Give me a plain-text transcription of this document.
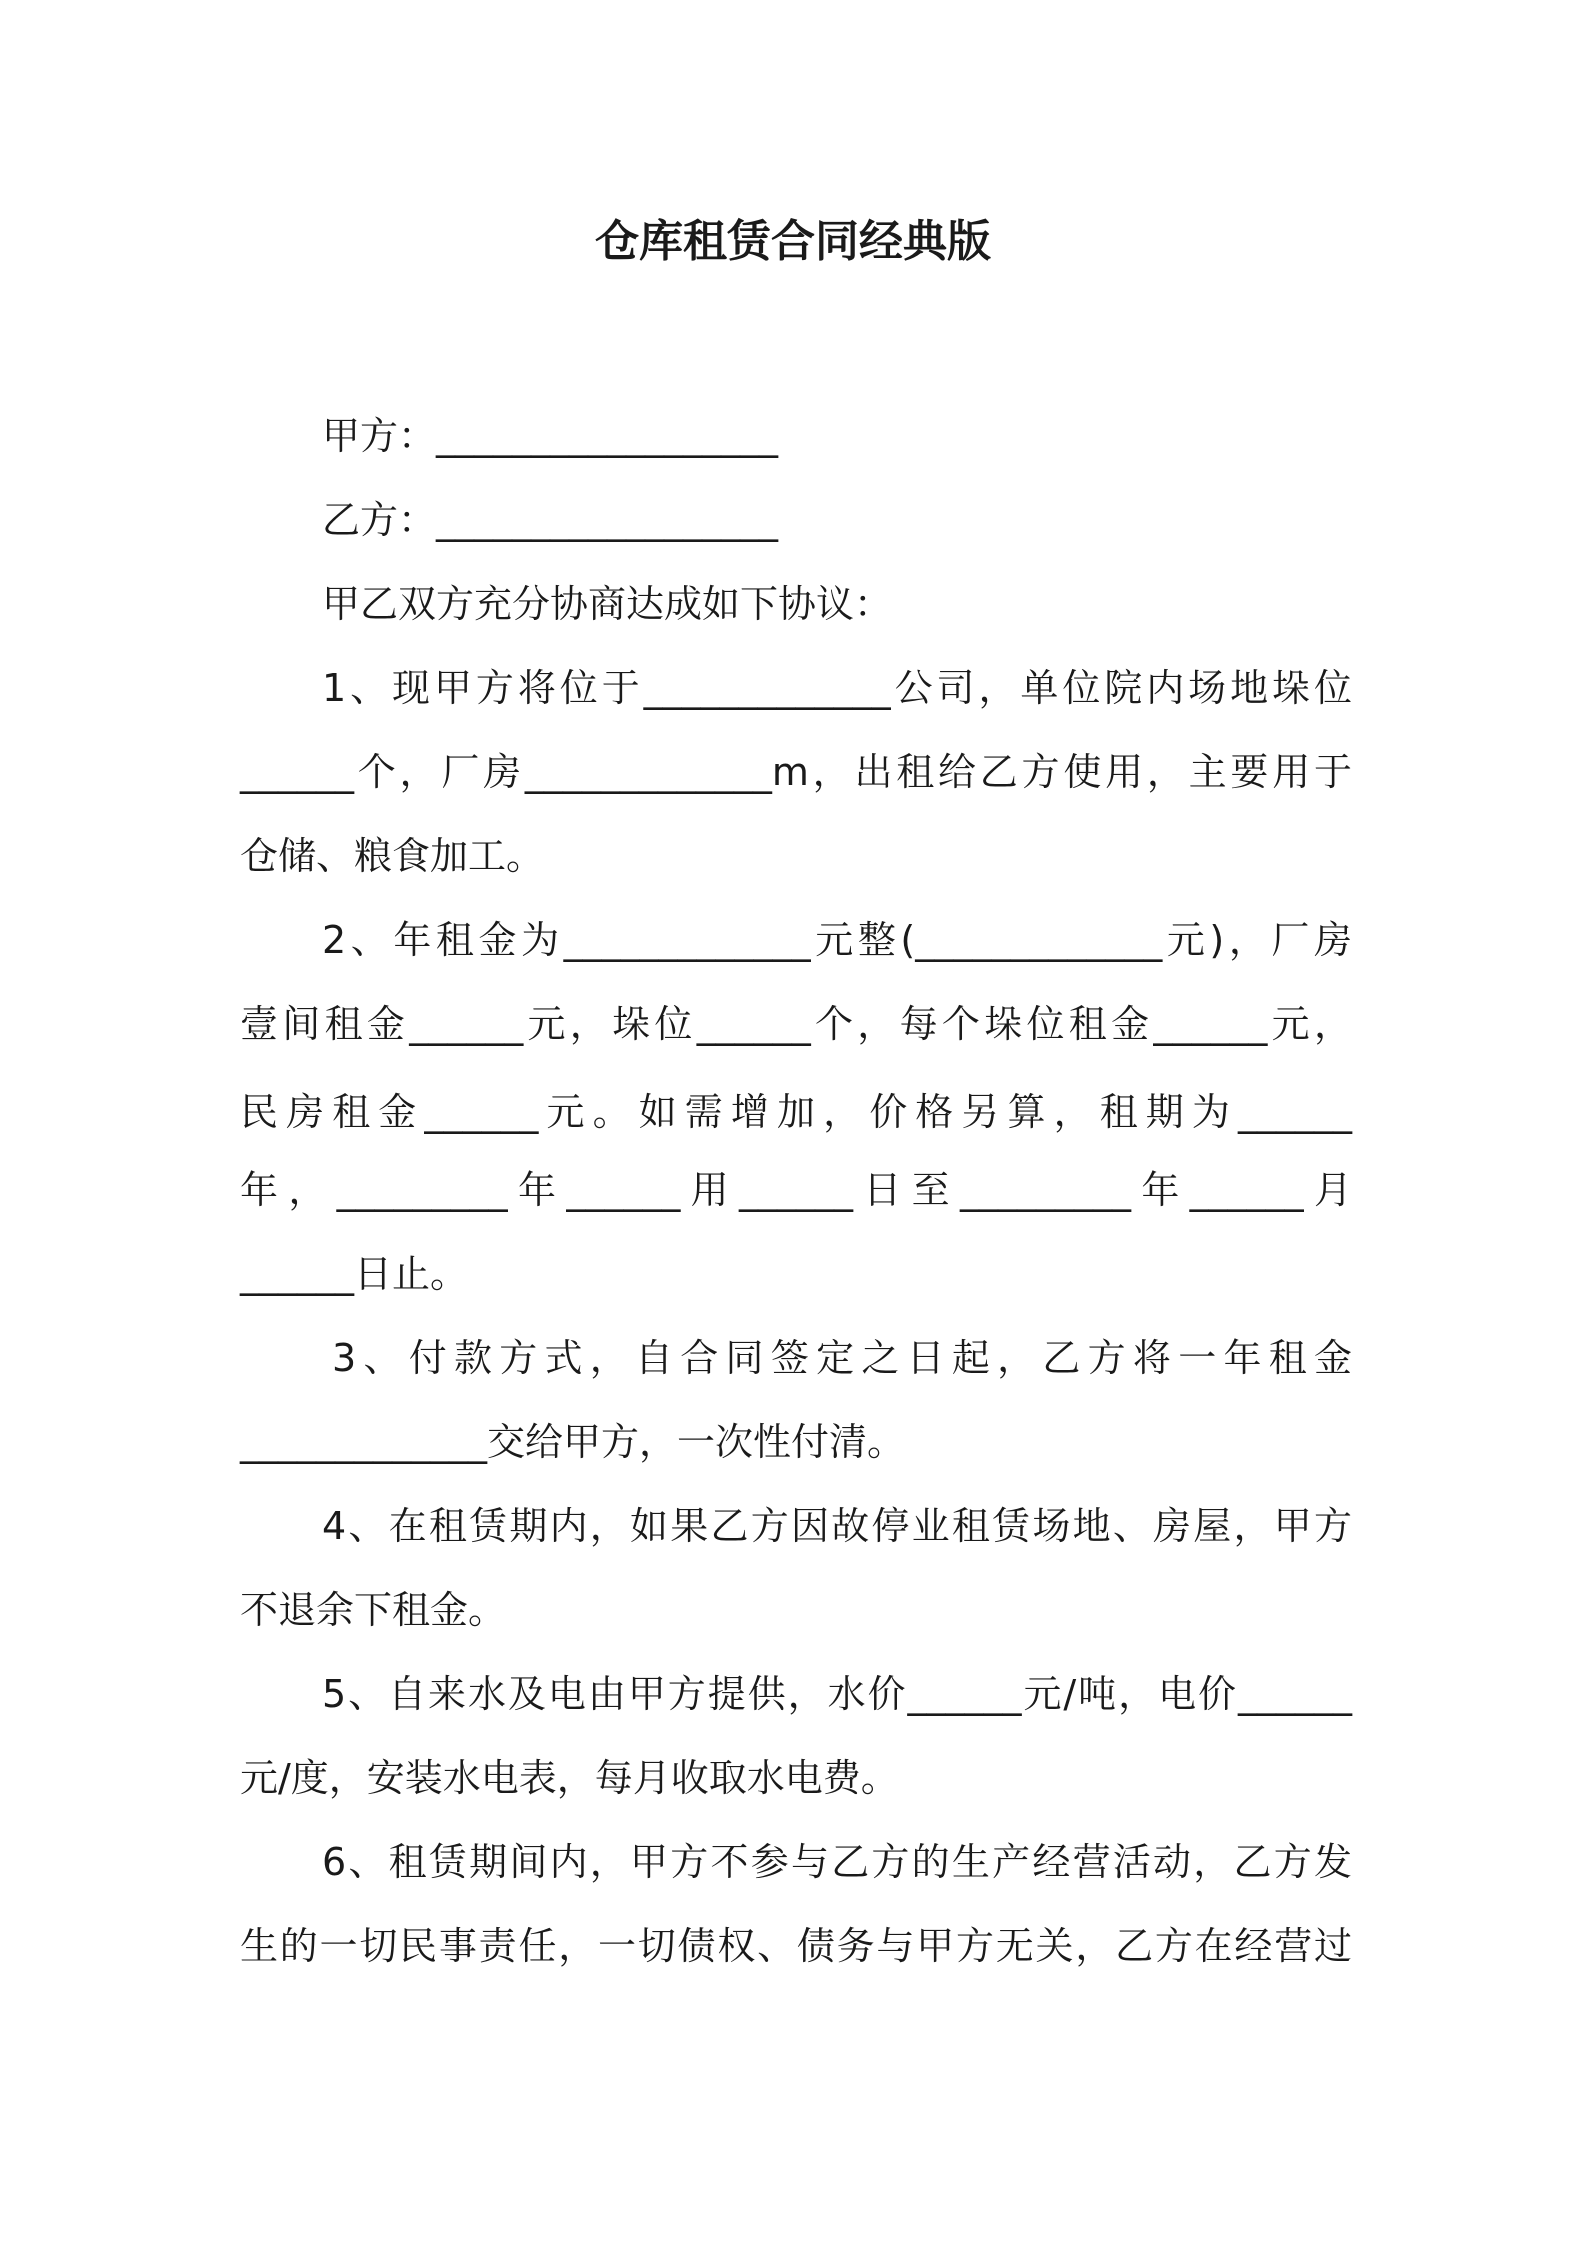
仓库租赁合同经典版
甲方：__________________
乙方：__________________
甲乙双方充分协商达成如下协议：
1、现甲方将位于_____________公司，单位院内场地垛位
______个，厂房_____________m，出租给乙方使用，主要用于
仓储、粮食加工。
2、年租金为_____________元整(_____________元)，厂房
壹间租金______元，垛位______个，每个垛位租金______元，
民房租金______元。如需增加，价格另算，租期为______
年，_________年______用______日至_________年______月
______日止。
3、付款方式，自合同签定之日起，乙方将一年租金
_____________交给甲方，一次性付清。
4、在租赁期内，如果乙方因故停业租赁场地、房屋，甲方
不退余下租金。
5、自来水及电由甲方提供，水价______元/吨，电价______
元/度，安装水电表，每月收取水电费。
6、租赁期间内，甲方不参与乙方的生产经营活动，乙方发
生的一切民事责任，一切债权、债务与甲方无关，乙方在经营过
